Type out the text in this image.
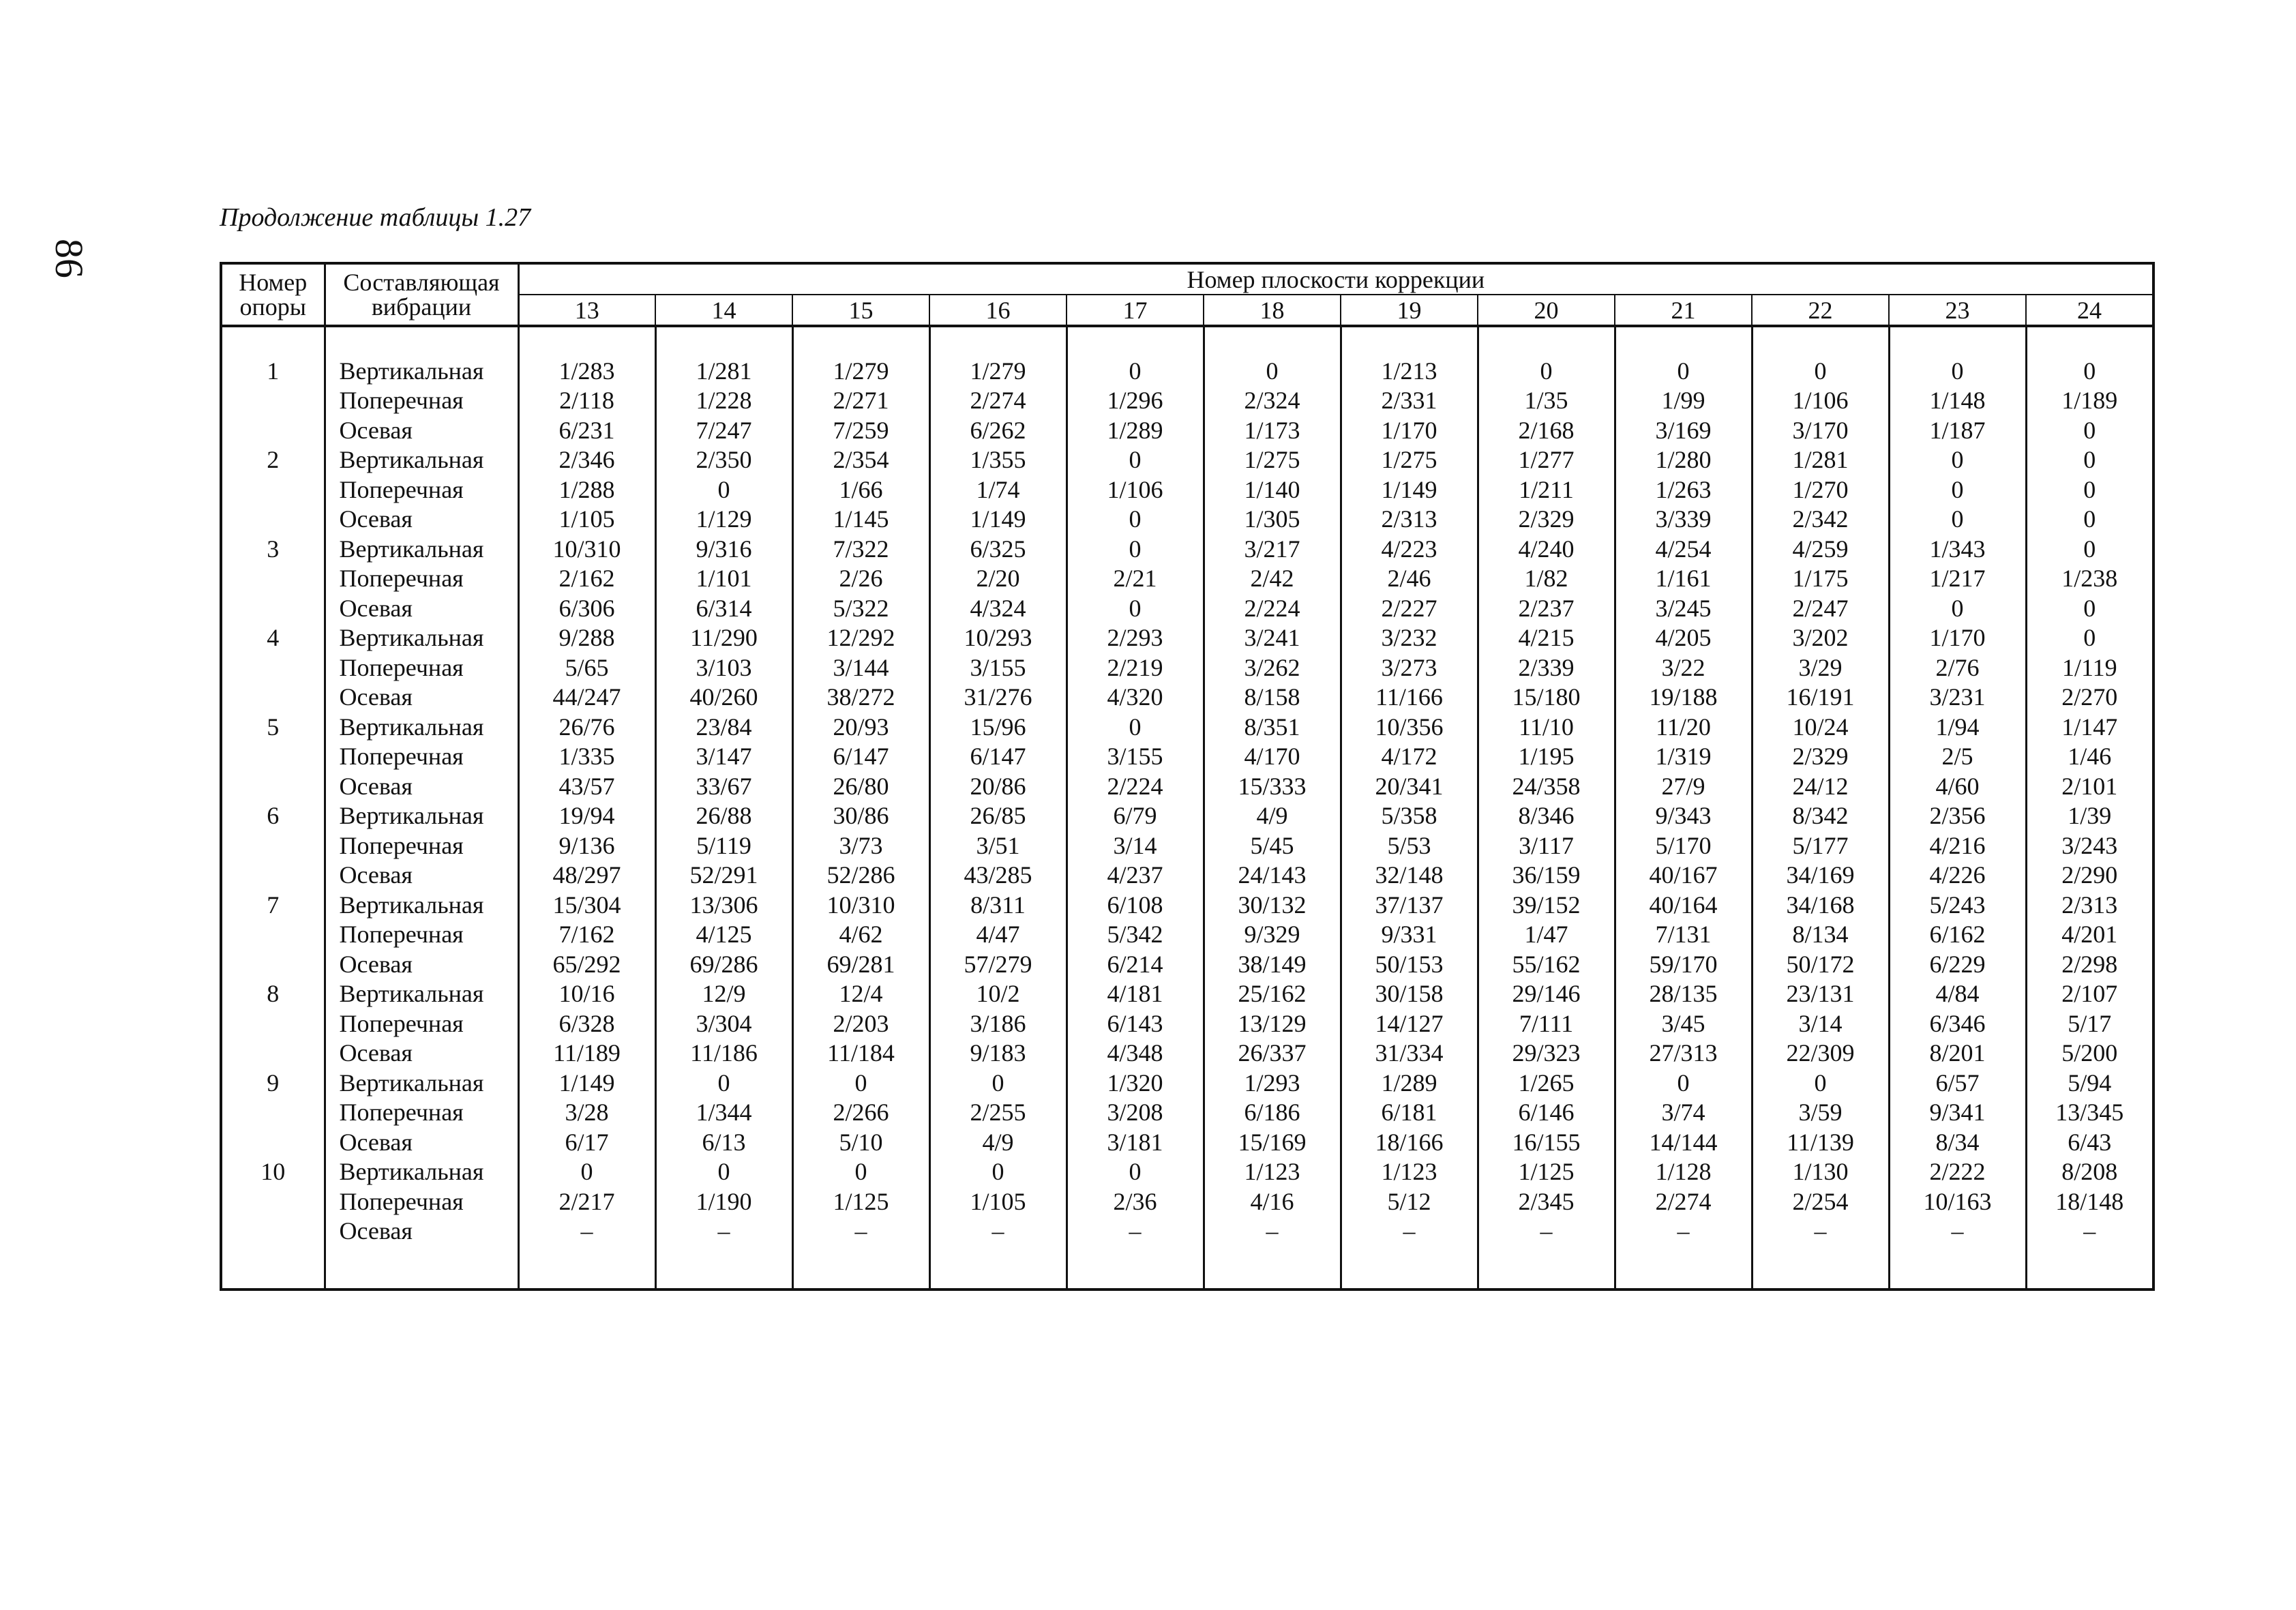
86
Продолжение таблицы 1.27
Номер опоры	Составляющая вибрации	Номер плоскости коррекции											
		13	14	15	16	17	18	19	20	21	22	23	24

1	Вертикальная	1/283	1/281	1/279	1/279	0	0	1/213	0	0	0	0	0
	Поперечная	2/118	1/228	2/271	2/274	1/296	2/324	2/331	1/35	1/99	1/106	1/148	1/189
	Осевая	6/231	7/247	7/259	6/262	1/289	1/173	1/170	2/168	3/169	3/170	1/187	0
2	Вертикальная	2/346	2/350	2/354	1/355	0	1/275	1/275	1/277	1/280	1/281	0	0
	Поперечная	1/288	0	1/66	1/74	1/106	1/140	1/149	1/211	1/263	1/270	0	0
	Осевая	1/105	1/129	1/145	1/149	0	1/305	2/313	2/329	3/339	2/342	0	0
3	Вертикальная	10/310	9/316	7/322	6/325	0	3/217	4/223	4/240	4/254	4/259	1/343	0
	Поперечная	2/162	1/101	2/26	2/20	2/21	2/42	2/46	1/82	1/161	1/175	1/217	1/238
	Осевая	6/306	6/314	5/322	4/324	0	2/224	2/227	2/237	3/245	2/247	0	0
4	Вертикальная	9/288	11/290	12/292	10/293	2/293	3/241	3/232	4/215	4/205	3/202	1/170	0
	Поперечная	5/65	3/103	3/144	3/155	2/219	3/262	3/273	2/339	3/22	3/29	2/76	1/119
	Осевая	44/247	40/260	38/272	31/276	4/320	8/158	11/166	15/180	19/188	16/191	3/231	2/270
5	Вертикальная	26/76	23/84	20/93	15/96	0	8/351	10/356	11/10	11/20	10/24	1/94	1/147
	Поперечная	1/335	3/147	6/147	6/147	3/155	4/170	4/172	1/195	1/319	2/329	2/5	1/46
	Осевая	43/57	33/67	26/80	20/86	2/224	15/333	20/341	24/358	27/9	24/12	4/60	2/101
6	Вертикальная	19/94	26/88	30/86	26/85	6/79	4/9	5/358	8/346	9/343	8/342	2/356	1/39
	Поперечная	9/136	5/119	3/73	3/51	3/14	5/45	5/53	3/117	5/170	5/177	4/216	3/243
	Осевая	48/297	52/291	52/286	43/285	4/237	24/143	32/148	36/159	40/167	34/169	4/226	2/290
7	Вертикальная	15/304	13/306	10/310	8/311	6/108	30/132	37/137	39/152	40/164	34/168	5/243	2/313
	Поперечная	7/162	4/125	4/62	4/47	5/342	9/329	9/331	1/47	7/131	8/134	6/162	4/201
	Осевая	65/292	69/286	69/281	57/279	6/214	38/149	50/153	55/162	59/170	50/172	6/229	2/298
8	Вертикальная	10/16	12/9	12/4	10/2	4/181	25/162	30/158	29/146	28/135	23/131	4/84	2/107
	Поперечная	6/328	3/304	2/203	3/186	6/143	13/129	14/127	7/111	3/45	3/14	6/346	5/17
	Осевая	11/189	11/186	11/184	9/183	4/348	26/337	31/334	29/323	27/313	22/309	8/201	5/200
9	Вертикальная	1/149	0	0	0	1/320	1/293	1/289	1/265	0	0	6/57	5/94
	Поперечная	3/28	1/344	2/266	2/255	3/208	6/186	6/181	6/146	3/74	3/59	9/341	13/345
	Осевая	6/17	6/13	5/10	4/9	3/181	15/169	18/166	16/155	14/144	11/139	8/34	6/43
10	Вертикальная	0	0	0	0	0	1/123	1/123	1/125	1/128	1/130	2/222	8/208
	Поперечная	2/217	1/190	1/125	1/105	2/36	4/16	5/12	2/345	2/274	2/254	10/163	18/148
	Осевая	–	–	–	–	–	–	–	–	–	–	–	–
